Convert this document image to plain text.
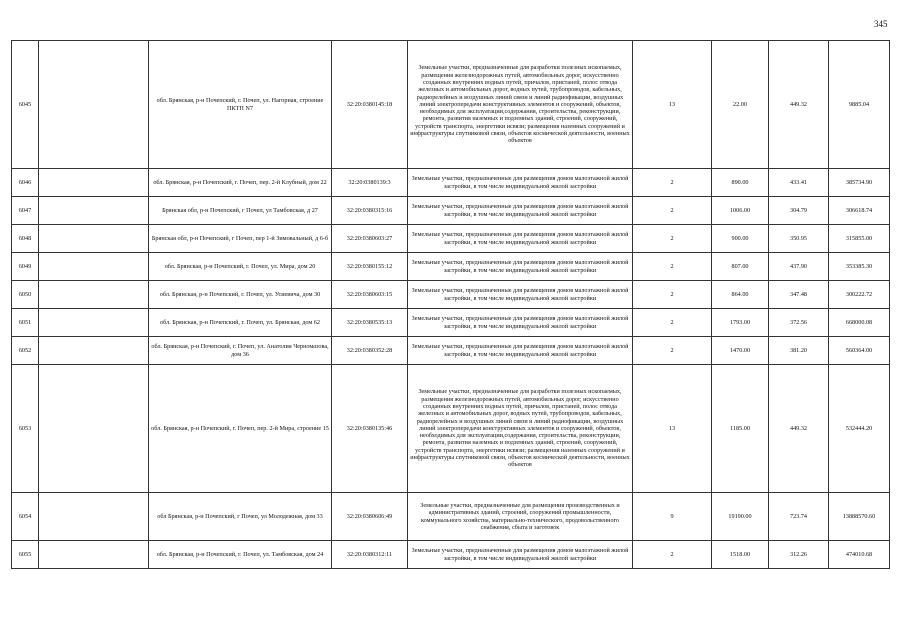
345
6045		обл. Брянская, р-н Почепский, г. Почеп, ул. Нагорная, строение ПКТП N7	32:20:0380145:18	Земельные участки, предназначенные для разработки полезных ископаемых, размещения железнодорожных путей, автомобильных дорог, искусственно созданных внутренних водных путей, причалов, пристаней, полос отвода железных и автомобильных дорог, водных путей, трубопроводов, кабельных, радиорелейных и воздушных линий связи и линий радиофикации, воздушных линий электропередачи конструктивных элементов и сооружений, объектов, необходимых для эксплуатации,содержания, строительства, реконструкции, ремонта, развития наземных и подземных зданий, строений, сооружений, устройств транспорта, энергетики исвязи; размещения наземных сооружений и инфраструктуры спутниковой связи, объектов космической деятельности, военных объектов	13	22.00	449.32	9885.04
6046		обл. Брянская, р-н Почепский, г. Почеп, пер. 2-й Клубный, дом 22	32:20:0380139:3	Земельные участки, предназначенные для размещения домов малоэтажной жилой застройки, в том числе индивидуальной жилой застройки	2	890.00	433.41	385734.90
6047		Брянская обл, р-н Почепский, г Почеп, ул Тамбовская, д 27	32:20:0380315:16	Земельные участки, предназначенные для размещения домов малоэтажной жилой застройки, в том числе индивидуальной жилой застройки	2	1006.00	304.79	306618.74
6048		Брянская обл, р-н Почепский, г Почеп, пер 1-й Зимовальный, д 6-б	32:20:0380603:27	Земельные участки, предназначенные для размещения домов малоэтажной жилой застройки, в том числе индивидуальной жилой застройки	2	900.00	350.95	315855.00
6049		обл. Брянская, р-н Почепский, г. Почеп, ул. Мира, дом 20	32:20:0380155:12	Земельные участки, предназначенные для размещения домов малоэтажной жилой застройки, в том числе индивидуальной жилой застройки	2	807.00	437.90	353385.30
6050		обл. Брянская, р-н Почепский, г. Почеп, ул. Усиевича, дом 30	32:20:0380603:15	Земельные участки, предназначенные для размещения домов малоэтажной жилой застройки, в том числе индивидуальной жилой застройки	2	864.00	347.48	300222.72
6051		обл. Брянская, р-н Почепский, г. Почеп, ул. Брянская, дом 62	32:20:0380535:13	Земельные участки, предназначенные для размещения домов малоэтажной жилой застройки, в том числе индивидуальной жилой застройки	2	1793.00	372.56	668000.08
6052		обл. Брянская, р-н Почепский, г. Почеп, ул. Анатолия Черномазова, дом 36	32:20:0380352:28	Земельные участки, предназначенные для размещения домов малоэтажной жилой застройки, в том числе индивидуальной жилой застройки	2	1470.00	381.20	560364.00
6053		обл. Брянская, р-н Почепский, г. Почеп, пер. 2-й Мира, строение 15	32:20:0380135:46	Земельные участки, предназначенные для разработки полезных ископаемых, размещения железнодорожных путей, автомобильных дорог, искусственно созданных внутренних водных путей, причалов, пристаней, полос отвода железных и автомобильных дорог, водных путей, трубопроводов, кабельных, радиорелейных и воздушных линий связи и линий радиофикации, воздушных линий электропередачи конструктивных элементов и сооружений, объектов, необходимых для эксплуатации,содержания, строительства, реконструкции, ремонта, развития наземных и подземных зданий, строений, сооружений, устройств транспорта, энергетики исвязи; размещения наземных сооружений и инфраструктуры спутниковой связи, объектов космической деятельности, военных объектов	13	1185.00	449.32	532444.20
6054		обл Брянская, р-н Почепский, г Почеп, ул Молодежная, дом 33	32:20:0380606:49	Земельные участки, предназначенные для размещения производственных и административных зданий, строений, сооружений промышленности, коммунального хозяйства, материально-технического, продовольственного снабжения, сбыта и заготовок	9	19190.00	723.74	13888570.60
6055		обл. Брянская, р-н Почепский, г. Почеп, ул. Тамбовская, дом 24	32:20:0380312:11	Земельные участки, предназначенные для размещения домов малоэтажной жилой застройки, в том числе индивидуальной жилой застройки	2	1518.00	312.26	474010.68
